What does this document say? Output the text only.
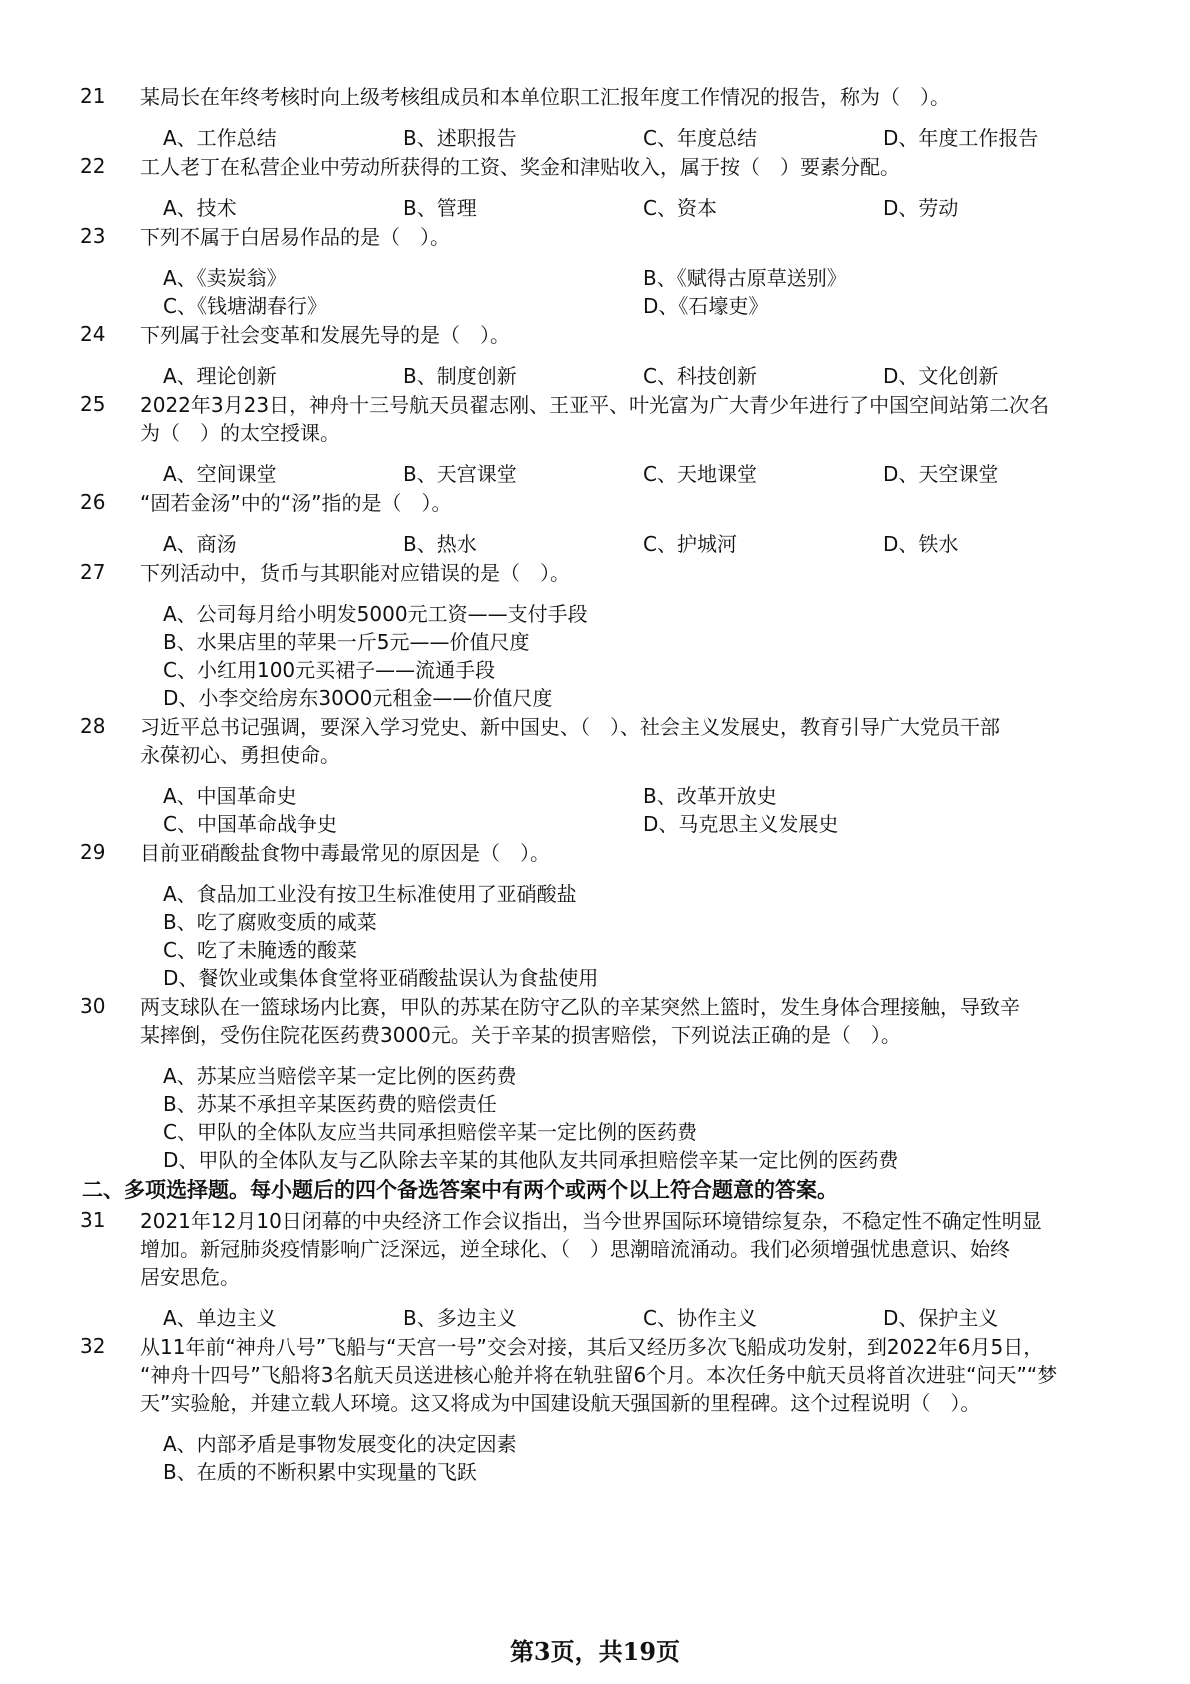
21	某局长在年终考核时向上级考核组成员和本单位职工汇报年度工作情况的报告，称为（　）。
A、工作总结	B、述职报告	C、年度总结	D、年度工作报告
22	工人老丁在私营企业中劳动所获得的工资、奖金和津贴收入，属于按（　）要素分配。
A、技术	B、管理	C、资本	D、劳动
23	下列不属于白居易作品的是（　）。
A、《卖炭翁》	B、《赋得古原草送别》
C、《钱塘湖春行》	D、《石壕吏》
24	下列属于社会变革和发展先导的是（　）。
A、理论创新	B、制度创新	C、科技创新	D、文化创新
25	2022年3月23日，神舟十三号航天员翟志刚、王亚平、叶光富为广大青少年进行了中国空间站第二次名
为（　）的太空授课。
A、空间课堂	B、天宫课堂	C、天地课堂	D、天空课堂
26	“固若金汤”中的“汤”指的是（　）。
A、商汤	B、热水	C、护城河	D、铁水
27	下列活动中，货币与其职能对应错误的是（　）。
A、公司每月给小明发5000元工资——支付手段
B、水果店里的苹果一斤5元——价值尺度
C、小红用100元买裙子——流通手段
D、小李交给房东30O0元租金——价值尺度
28	习近平总书记强调，要深入学习党史、新中国史、（　）、社会主义发展史，教育引导广大党员干部
永葆初心、勇担使命。
A、中国革命史	B、改革开放史
C、中国革命战争史	D、马克思主义发展史
29	目前亚硝酸盐食物中毒最常见的原因是（　）。
A、食品加工业没有按卫生标准使用了亚硝酸盐
B、吃了腐败变质的咸菜
C、吃了未腌透的酸菜
D、餐饮业或集体食堂将亚硝酸盐误认为食盐使用
30	两支球队在一篮球场内比赛，甲队的苏某在防守乙队的辛某突然上篮时，发生身体合理接触，导致辛
某摔倒，受伤住院花医药费3000元。关于辛某的损害赔偿，下列说法正确的是（　）。
A、苏某应当赔偿辛某一定比例的医药费
B、苏某不承担辛某医药费的赔偿责任
C、甲队的全体队友应当共同承担赔偿辛某一定比例的医药费
D、甲队的全体队友与乙队除去辛某的其他队友共同承担赔偿辛某一定比例的医药费
二、多项选择题。每小题后的四个备选答案中有两个或两个以上符合题意的答案。
31	2021年12月10日闭幕的中央经济工作会议指出，当今世界国际环境错综复杂，不稳定性不确定性明显
增加。新冠肺炎疫情影响广泛深远，逆全球化、（　）思潮暗流涌动。我们必须增强忧患意识、始终
居安思危。
A、单边主义	B、多边主义	C、协作主义	D、保护主义
32	从11年前“神舟八号”飞船与“天宫一号”交会对接，其后又经历多次飞船成功发射，到2022年6月5日，
“神舟十四号”飞船将3名航天员送进核心舱并将在轨驻留6个月。本次任务中航天员将首次进驻“问天”“梦
天”实验舱，并建立载人环境。这又将成为中国建设航天强国新的里程碑。这个过程说明（　）。
A、内部矛盾是事物发展变化的决定因素
B、在质的不断积累中实现量的飞跃
第3页，共19页
